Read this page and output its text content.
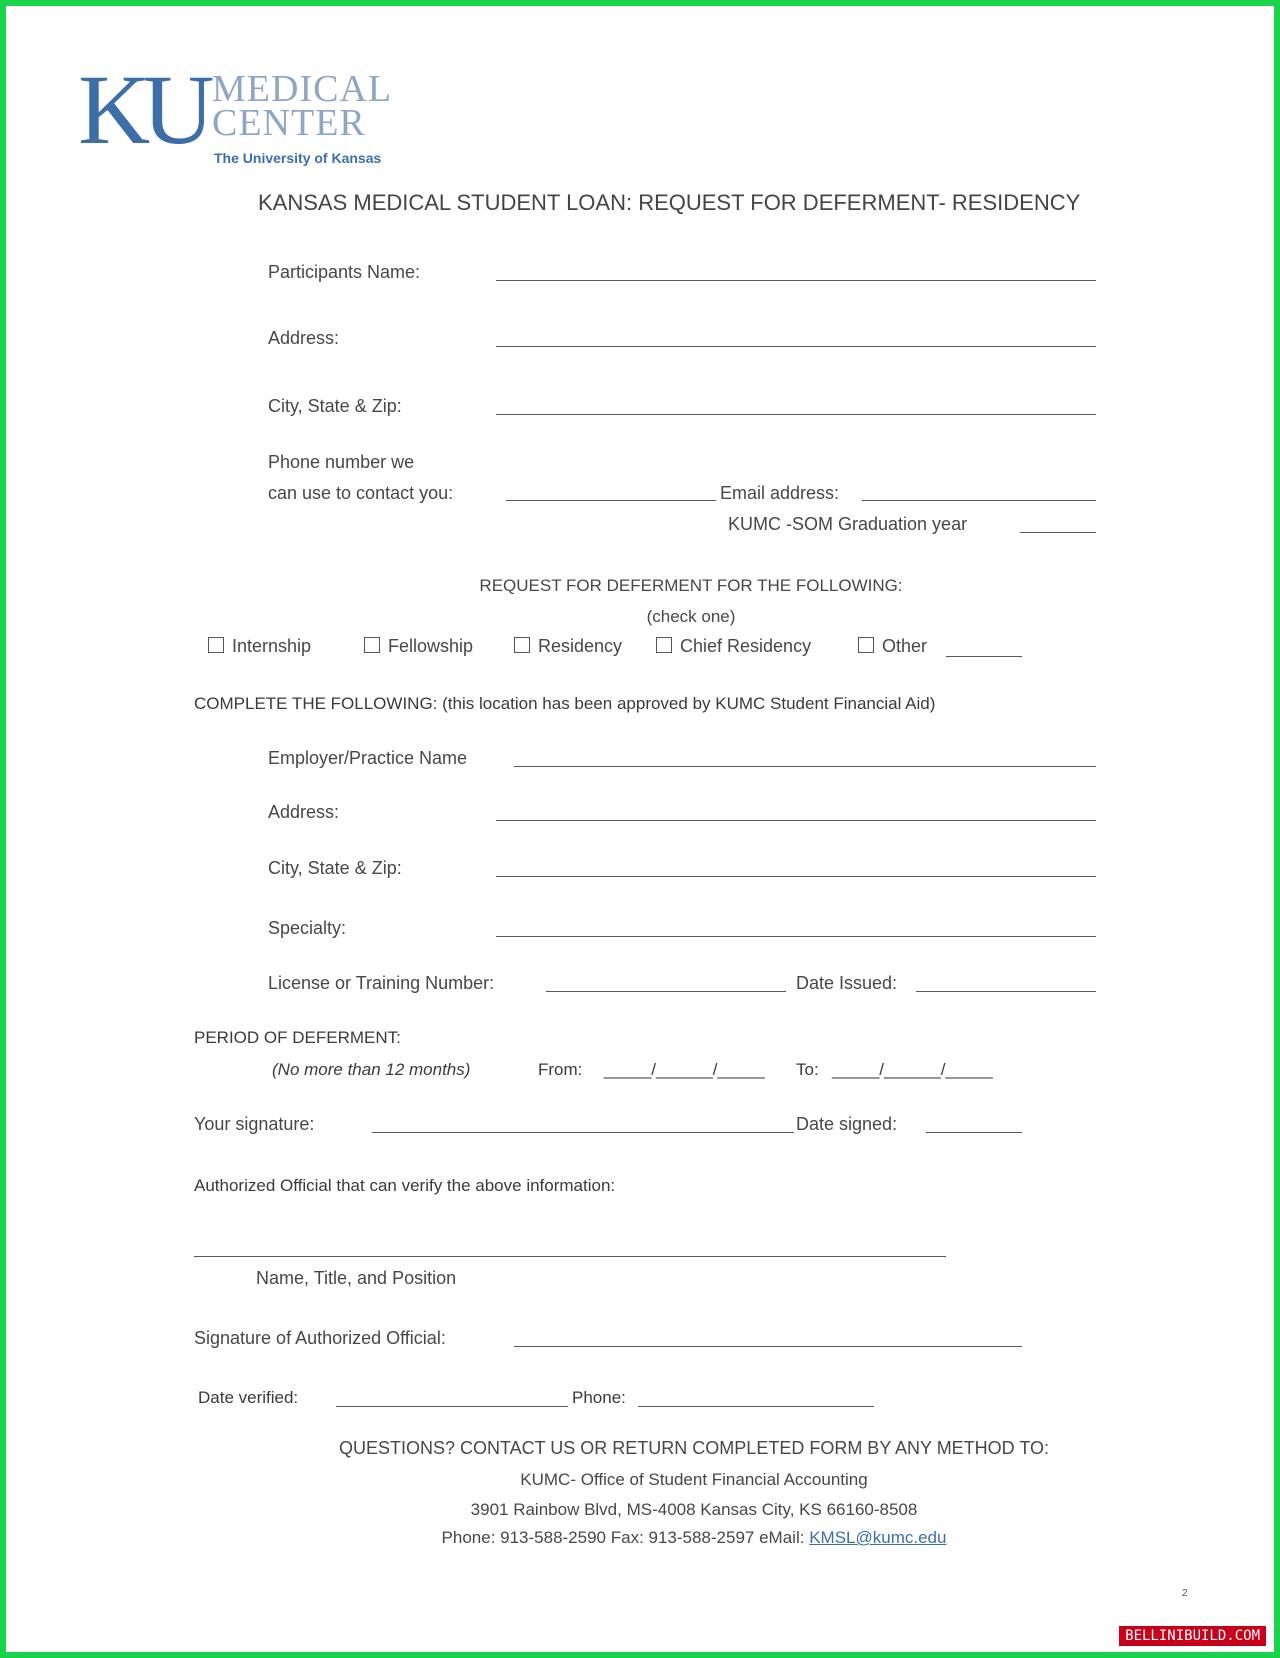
KU MEDICAL
CENTER
The University of Kansas
KANSAS MEDICAL STUDENT LOAN: REQUEST FOR DEFERMENT- RESIDENCY
Participants Name:
Address:
City, State & Zip:
Phone number we
can use to contact you:	Email address:
KUMC -SOM Graduation year
REQUEST FOR DEFERMENT FOR THE FOLLOWING:
(check one)
Internship	Fellowship	Residency	Chief Residency	Other
COMPLETE THE FOLLOWING: (this location has been approved by KUMC Student Financial Aid)
Employer/Practice Name
Address:
City, State & Zip:
Specialty:
License or Training Number:	Date Issued:
PERIOD OF DEFERMENT:
(No more than 12 months)	From: _____/______/_____ To: _____/______/_____
Your signature:	Date signed:
Authorized Official that can verify the above information:
Name, Title, and Position
Signature of Authorized Official:
Date verified:	Phone:
QUESTIONS? CONTACT US OR RETURN COMPLETED FORM BY ANY METHOD TO:
KUMC- Office of Student Financial Accounting
3901 Rainbow Blvd, MS-4008 Kansas City, KS 66160-8508
Phone: 913-588-2590 Fax: 913-588-2597 eMail: KMSL@kumc.edu
2
BELLINIBUILD.COM
